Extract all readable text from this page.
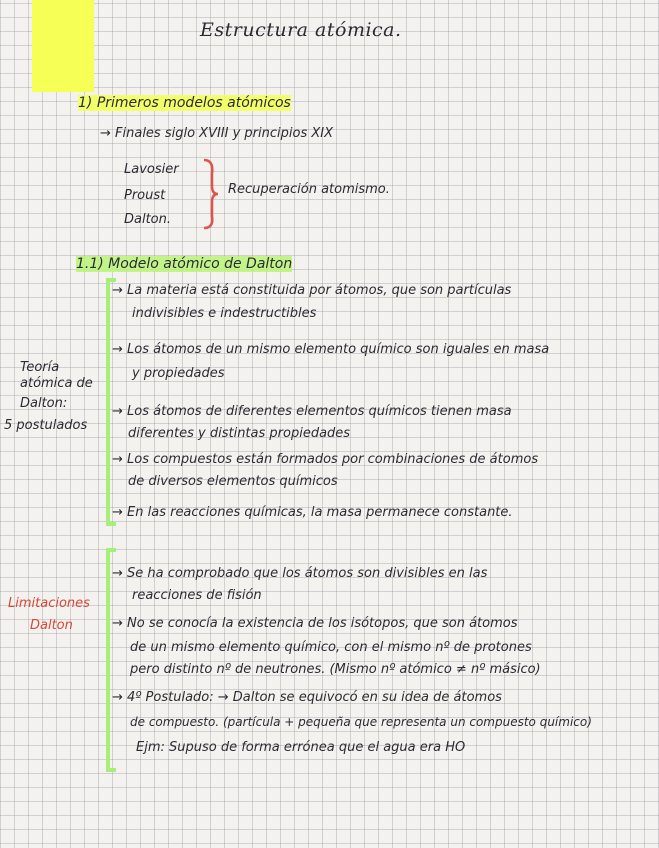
Estructura atómica.
1) Primeros modelos atómicos
→ Finales siglo XVIII y principios XIX
Lavosier
Proust
Dalton.
Recuperación atomismo.
1.1) Modelo atómico de Dalton
Teoría
atómica de
Dalton:
5 postulados
→ La materia está constituida por átomos, que son partículas
indivisibles e indestructibles
→ Los átomos de un mismo elemento químico son iguales en masa
y propiedades
→ Los átomos de diferentes elementos químicos tienen masa
diferentes y distintas propiedades
→ Los compuestos están formados por combinaciones de átomos
de diversos elementos químicos
→ En las reacciones químicas, la masa permanece constante.
Limitaciones
Dalton
→ Se ha comprobado que los átomos son divisibles en las
reacciones de fisión
→ No se conocía la existencia de los isótopos, que son átomos
de un mismo elemento químico, con el mismo nº de protones
pero distinto nº de neutrones. (Mismo nº atómico ≠ nº másico)
→ 4º Postulado: → Dalton se equivocó en su idea de átomos
de compuesto. (partícula + pequeña que representa un compuesto químico)
Ejm: Supuso de forma errónea que el agua era HO
